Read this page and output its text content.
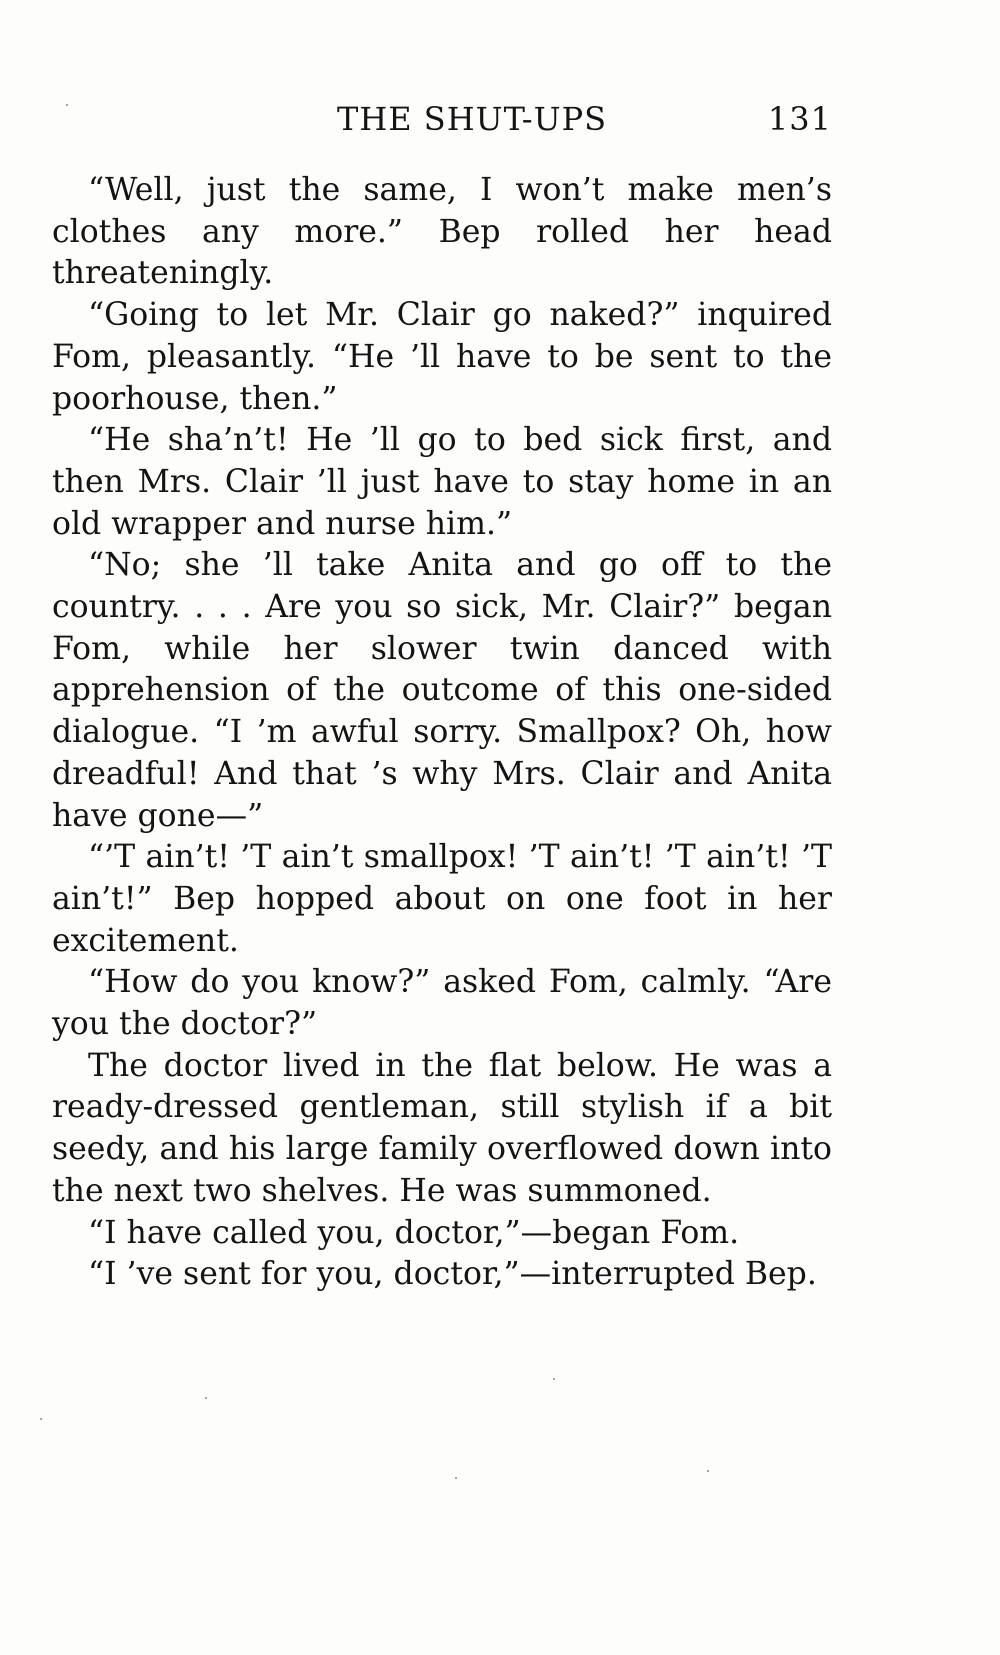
THE SHUT-UPS	131

“Well, just the same, I won’t make men’s clothes any more.” Bep rolled her head threateningly.

“Going to let Mr. Clair go naked?” inquired Fom, pleasantly. “He ’ll have to be sent to the poorhouse, then.”

“He sha’n’t! He ’ll go to bed sick first, and then Mrs. Clair ’ll just have to stay home in an old wrapper and nurse him.”

“No; she ’ll take Anita and go off to the country. . . . Are you so sick, Mr. Clair?” began Fom, while her slower twin danced with apprehension of the outcome of this one-sided dialogue. “I ’m awful sorry. Smallpox? Oh, how dreadful! And that ’s why Mrs. Clair and Anita have gone—”

“’T ain’t! ’T ain’t smallpox! ’T ain’t! ’T ain’t! ’T ain’t!” Bep hopped about on one foot in her excitement.

“How do you know?” asked Fom, calmly. “Are you the doctor?”

The doctor lived in the flat below. He was a ready-dressed gentleman, still stylish if a bit seedy, and his large family overflowed down into the next two shelves. He was summoned.

“I have called you, doctor,”—began Fom.

“I ’ve sent for you, doctor,”—interrupted Bep.
